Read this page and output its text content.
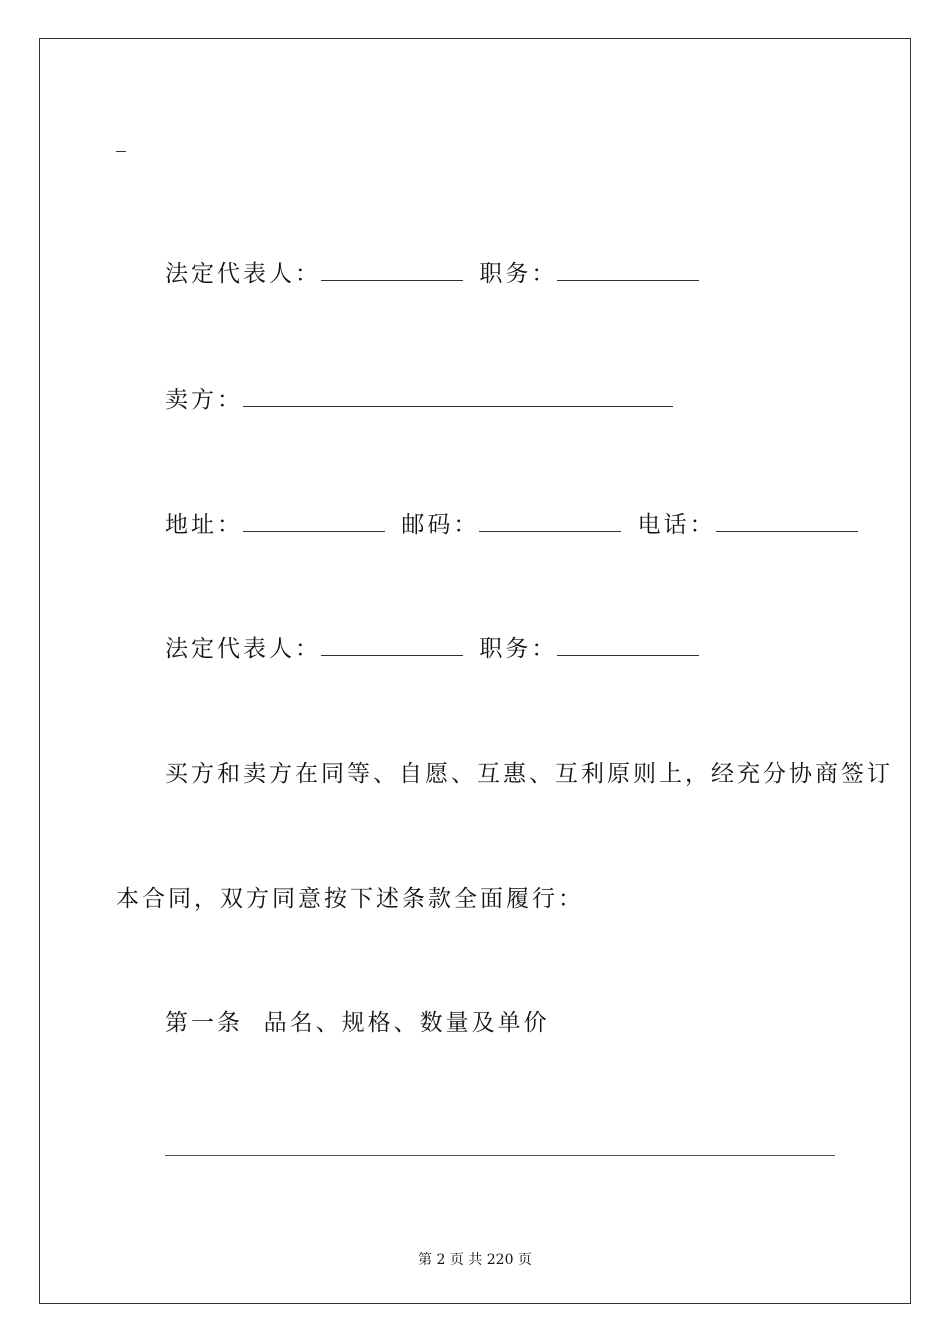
法定代表人：	职务：
卖方：
地址：	邮码：	电话：
法定代表人：	职务：
买方和卖方在同等、自愿、互惠、互利原则上，经充分协商签订
本合同，双方同意按下述条款全面履行：
第一条  品名、规格、数量及单价
第 2 页 共 220 页
